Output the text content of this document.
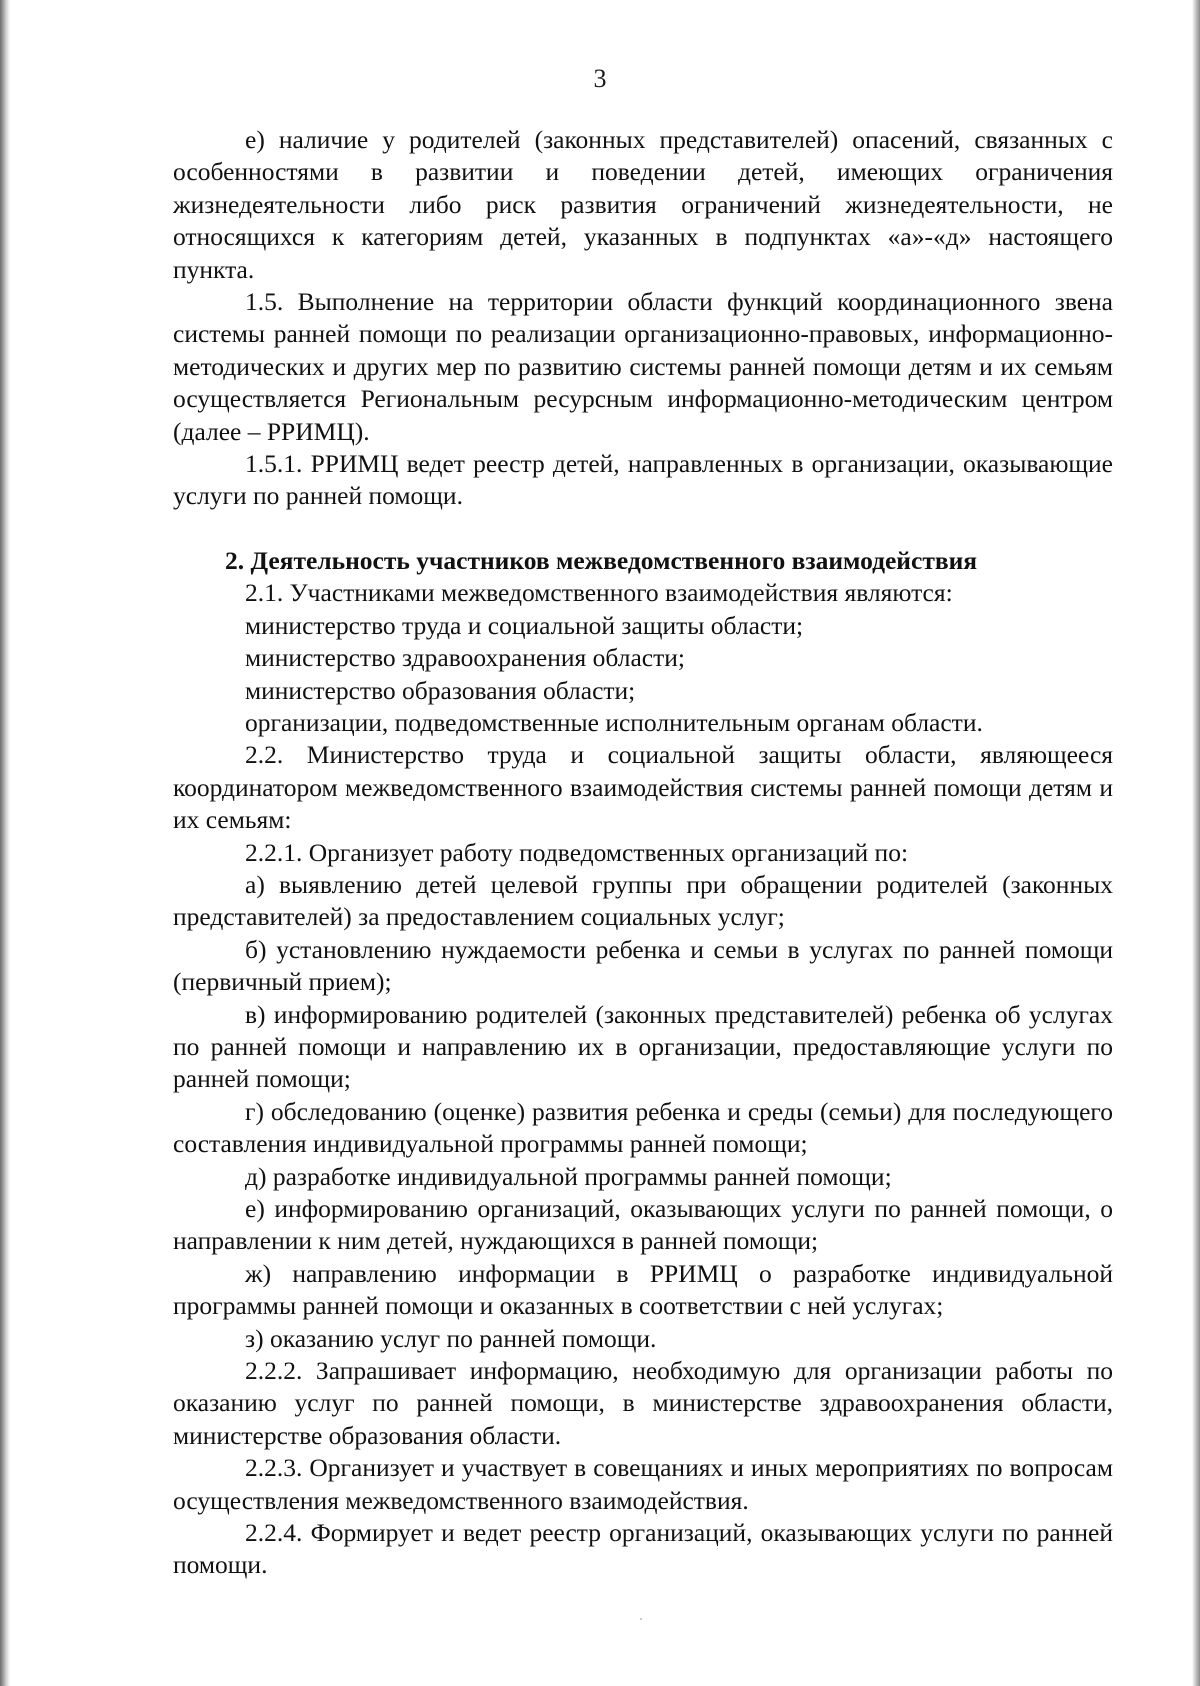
3

е) наличие у родителей (законных представителей) опасений, связанных с особенностями в развитии и поведении детей, имеющих ограничения жизнедеятельности либо риск развития ограничений жизнедеятельности, не относящихся к категориям детей, указанных в подпунктах «а»-«д» настоящего пункта.

1.5. Выполнение на территории области функций координационного звена системы ранней помощи по реализации организационно-правовых, информационно-методических и других мер по развитию системы ранней помощи детям и их семьям осуществляется Региональным ресурсным информационно-методическим центром (далее – РРИМЦ).

1.5.1. РРИМЦ ведет реестр детей, направленных в организации, оказывающие услуги по ранней помощи.

2. Деятельность участников межведомственного взаимодействия

2.1. Участниками межведомственного взаимодействия являются:

министерство труда и социальной защиты области;

министерство здравоохранения области;

министерство образования области;

организации, подведомственные исполнительным органам области.

2.2. Министерство труда и социальной защиты области, являющееся координатором межведомственного взаимодействия системы ранней помощи детям и их семьям:

2.2.1. Организует работу подведомственных организаций по:

а) выявлению детей целевой группы при обращении родителей (законных представителей) за предоставлением социальных услуг;

б) установлению нуждаемости ребенка и семьи в услугах по ранней помощи (первичный прием);

в) информированию родителей (законных представителей) ребенка об услугах по ранней помощи и направлению их в организации, предоставляющие услуги по ранней помощи;

г) обследованию (оценке) развития ребенка и среды (семьи) для последующего составления индивидуальной программы ранней помощи;

д) разработке индивидуальной программы ранней помощи;

е) информированию организаций, оказывающих услуги по ранней помощи, о направлении к ним детей, нуждающихся в ранней помощи;

ж) направлению информации в РРИМЦ о разработке индивидуальной программы ранней помощи и оказанных в соответствии с ней услугах;

з) оказанию услуг по ранней помощи.

2.2.2. Запрашивает информацию, необходимую для организации работы по оказанию услуг по ранней помощи, в министерстве здравоохранения области, министерстве образования области.

2.2.3. Организует и участвует в совещаниях и иных мероприятиях по вопросам осуществления межведомственного взаимодействия.

2.2.4. Формирует и ведет реестр организаций, оказывающих услуги по ранней помощи.
